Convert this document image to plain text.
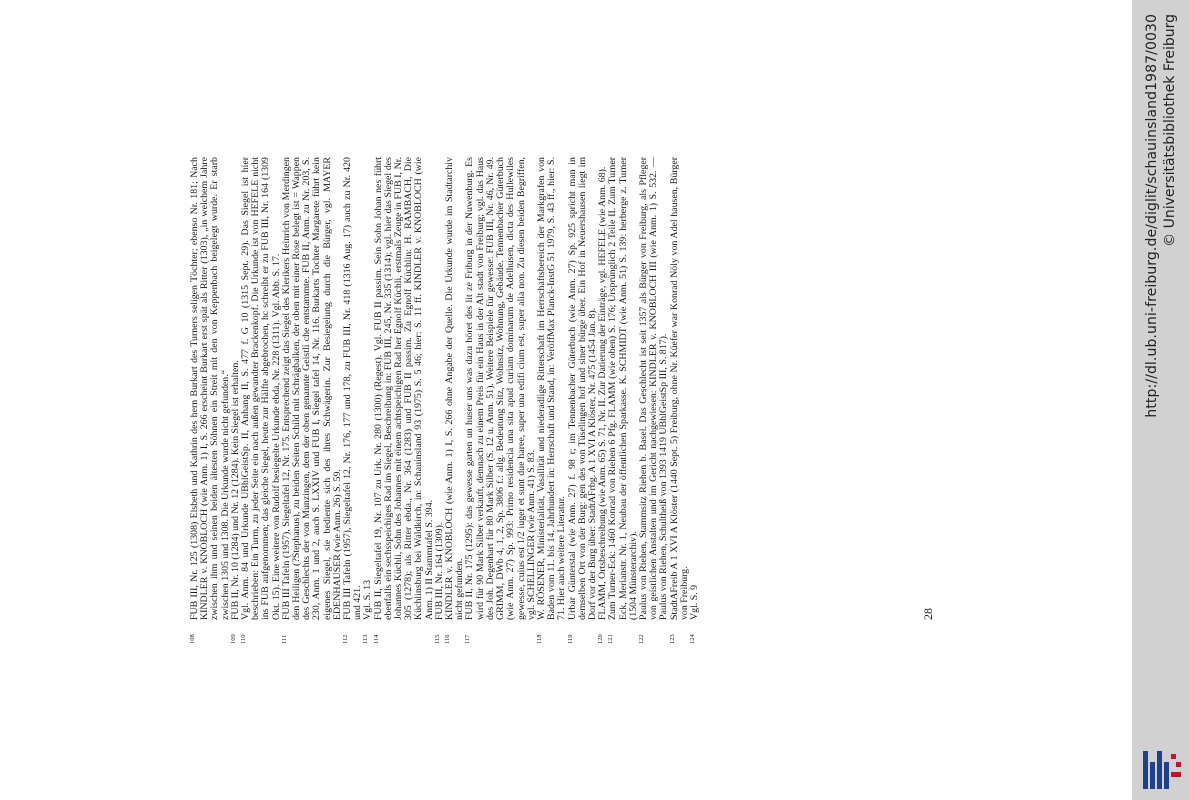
108
FUB III, Nr. 125 (1308) Elsbeth und Kathrin des hern Burkart des Turners seligen Töchter; ebenso Nr. 181; Nach KINDLER v. KNOBLOCH (wie Anm. 1) I, S. 266 erscheint Burkart erst spät als Ritter (1303), „in welchem Jahre zwischen ihm und seinen beiden ältesten Söhnen ein Streit mit den von Keppenbach beigelegt wurde. Er starb zwischen 1305 und 1308. Die Urkunde wurde nicht gefunden.“

109
FUB II, Nr. 10 (1284) und Nr. 12 (1284). Kein Siegel ist erhalten.

110
Vgl. Anm. 84 und Urkunde UBhlGeistSp. II, Anhang II, S. 477 f. G 10 (1315 Sept. 29). Das Siegel ist hier beschrieben: Ein Turm, zu jeder Seite ein nach außen gewandter Brackenkopf. Die Urkunde ist von HEFELE nicht ins FUB aufgenommen; das gleiche Siegel, heute zur Hälfte abgebrochen, hc schreibt er zu FUB III, Nr. 164 (1309 Okt. 15). Eine weitere von Rudolf besiegelte Urkunde ebda, Nr. 228 (1311). Vgl. Abb. S. 17.

111
FUB III Tafeln (1957), Siegeltafel 12, Nr. 175. Entsprechend zeigt das Siegel des Klerikers Heinrich von Merdingen den Heiligen (?Stephanus), zu beiden Seiten Schild mit Schrägbalken, der oben mit einer Rose belegt ist = Wappen des Geschlechts der von Munzingen, dem der oben genannte Geistli che entstammte. FUB II, Anm. zu Nr. 203, S. 230, Anm. 1 und 2, auch S. LXXIV und FUB I, Siegel tafel 14, Nr. 116. Burkarts Tochter Margarete führt kein eigenes Siegel, sie bediente sich des ihres Schwägerin. Zur Besiegelung durch die Bürger, vgl. MAYER EDENHAUSER (wie Anm. 26) S. 59.

112
FUB III Tafeln (1957), Siegeltafel 12, Nr. 176, 177 und 178, zu FUB III, Nr. 418 (1316 Aug. 17) auch zu Nr. 420 und 421.

113
Vgl. S. 13

114
FUB II, Siegeltafel 19, Nr. 107 zu Urk. Nr. 280 (1300) (Regest). Vgl. FUB II passim. Sein Sohn Johan nes führt ebenfalls ein sechsspeichiges Rad im Siegel, Beschreibung in: FUB III, 245, Nr. 335 (1314); vgl. hier das Siegel des Johannes Küchli, Sohn des Johannes mit einem achtspeichigen Rad her Egnolf Küchli, erstmals Zeuge in FUB I, Nr. 305 (1278); als Ritter ebda., Nr. 364 (1283) und FUB II passim. Zu Egnolf Küchlin: H. RAMBACH, Die Küchlinsburg bei Waldkirch, in: Schauinsland 93 (1975) S. 5 46; hier: S. 11 ff. KINDLER v. KNOBLOCH (wie Anm. 1) II Stammtafel S. 394.

115
FUB III, Nr. 164 (1309).

116
KINDLER v. KNOBLOCH (wie Anm. 1) I, S. 266 ohne Angabe der Quelle. Die Urkunde wurde im Stadtarchiv nicht gefunden.

117
FUB II, Nr. 175 (1295): das gewesse garten un huser uns was dazu höret des lit ze Friburg in der Nuwenburg. Es wird für 90 Mark Silber verkauft, demnach zu einem Preis für ein Haus in der Alt stadt von Freiburg; vgl. das Haus des Joh. Degenhart für 80 Mark Silber (S. 12 u. Anm. 51). Weitere Beispiele für gewesse: FUB III, Nr. 46, Nr. 49. GRIMM, DWb 4, 1, 2, Sp. 3806 f.: allg. Bedeutung Sitz, Wohnsitz, Wohnung, Gebäude. Tennenbacher Güterbuch (wie Anm. 27) Sp. 993: Primo residencia una sita apud curiam dominarum de Adelhusen, dicta des Hullewiles gewesse, cuius est 1/2 iuger et sunt due haree, super una edifi cium est, super alia non. Zu diesen beiden Begriffen, vgl. SCHELLINGER (wie Anm. 41) S. 83.

118
W. RÖSENER, Ministerialität, Vasallität und niederadlige Ritterschaft im Herrschaftsbereich der Markgrafen von Baden vom 11. bis 14. Jahrhundert in: Herrschaft und Stand, in: VeröffMax Planck-InstG 51 1979, S. 43 ff., hier: S. 71. Hier auch weitere Literatur.

119
Urbar Günterstal (wie Anm. 27) f. 98 r; im Tennenbacher Güterbuch (wie Anm. 27) Sp. 925 spricht man in demselben Ort von der Burg: gen des von Tüselingen hof und siner bürge über. Ein Hof in Neuershausen liegt im Dorf vor der Burg über: StadtAFrbg. A 1 XVI A Klöster, Nr. 475 (1454 Jan. 8).

120
FLAMM, Ortsbeschreibung (wie Anm. 65) S. 71, Nr. II. Zur Datierung der Einträge, vgl. HEFELE (wie Anm. 68).

121
Zum Turner-Eck: 1460 Konrad von Riehen 6 Pfg. FLAMM (wie oben) S. 176; Ursprünglich 2 Teile II. Zum Turner Eck, Merianstr. Nr. 1, Neubau der öffentlichen Sparkasse. K. SCHMIDT (wie Anm. 51) S. 139: herberge z. Turner (1504 Münsterarchiv).

122
Paulus von Riehen, Stammsitz Riehen b. Basel. Das Geschlecht ist seit 1357 als Bürger von Freiburg, als Pfleger von geistlichen Anstalten und im Gericht nachgewiesen: KINDLER v. KNOBLOCH III (wie Anm. 1) S. 532. — Paulus von Riehen, Schultheiß von 1393 1419 UBhlGeistSp III, S. 817).

123
StadtAFreib A 1 XVI A Klöster (1440 Sept. 5) Freiburg, ohne Nr. Küefer war Konrad Nöly von Adel hausen, Bürger von Freiburg.

124
Vgl. S. 9	28
http://dl.ub.uni-freiburg.de/diglit/schauinsland1987/0030 © Universitätsbibliothek Freiburg
